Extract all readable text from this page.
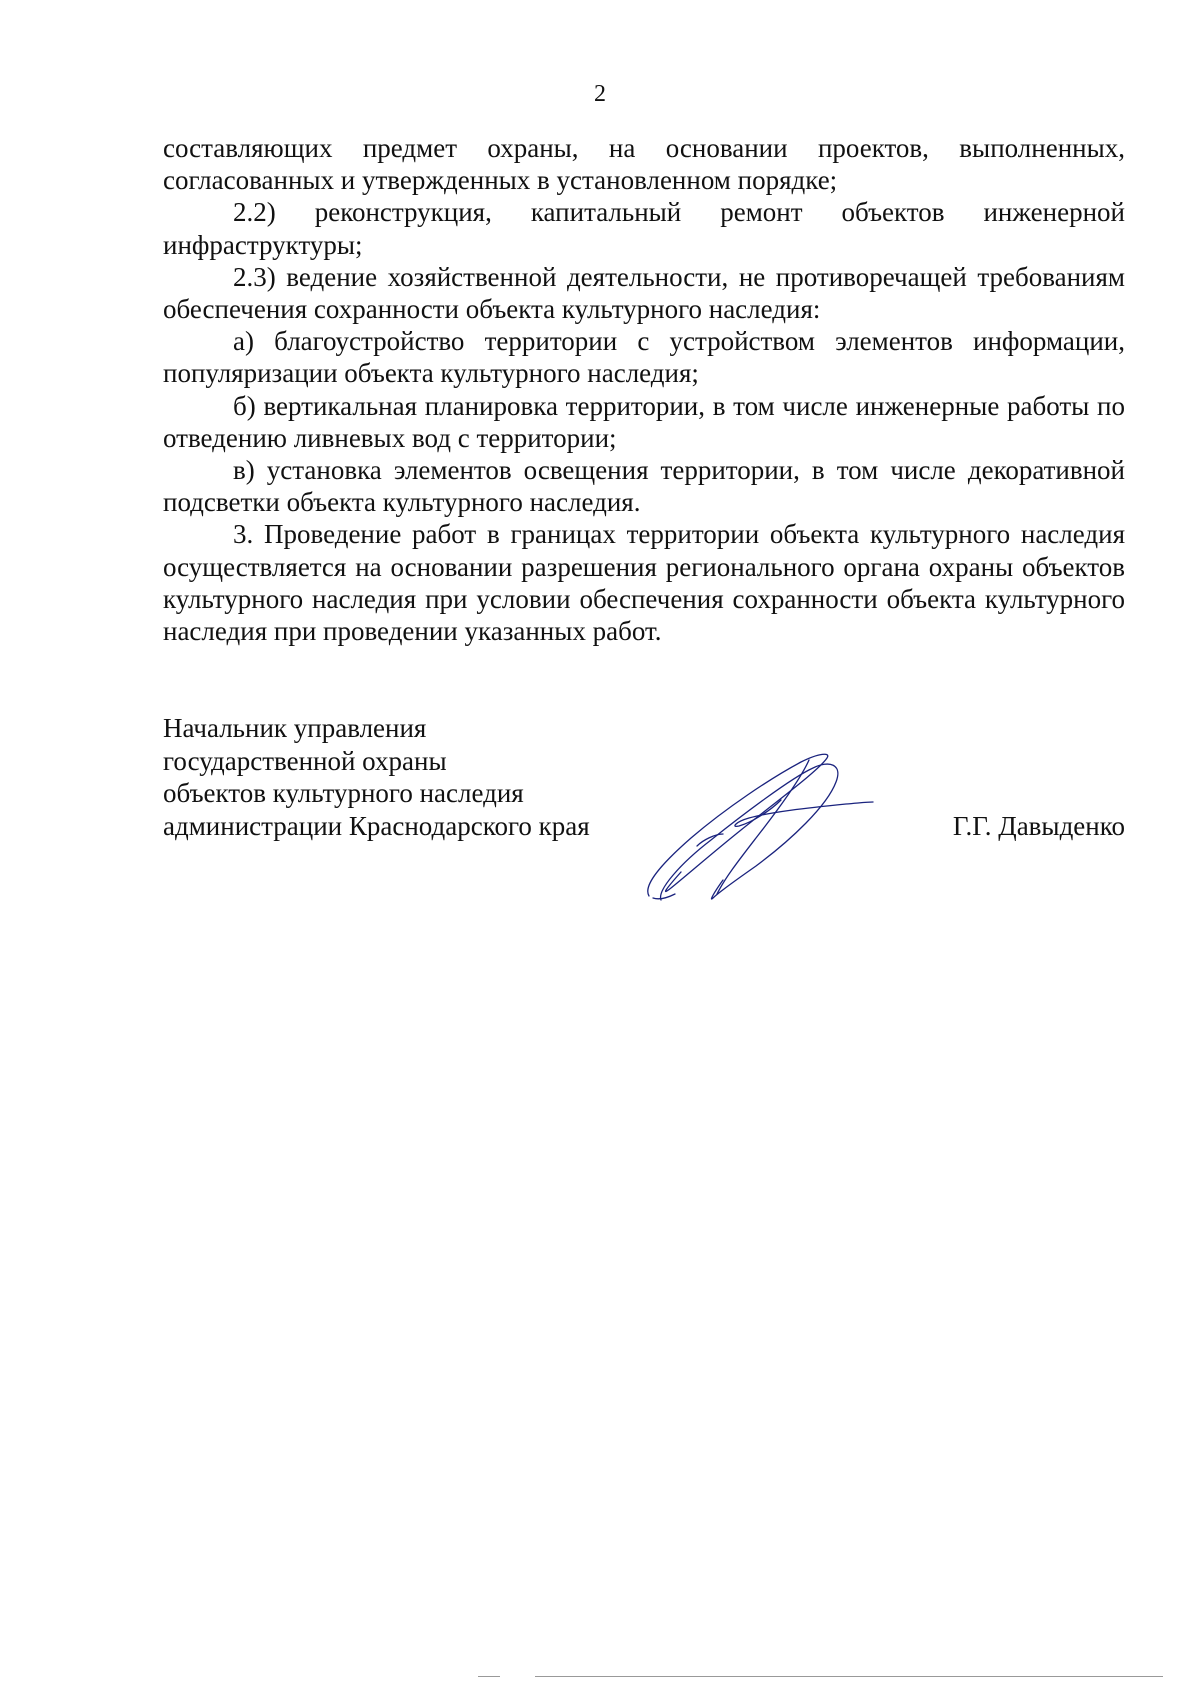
2

составляющих предмет охраны, на основании проектов, выполненных, согласованных и утвержденных в установленном порядке;

2.2) реконструкция, капитальный ремонт объектов инженерной инфраструктуры;

2.3) ведение хозяйственной деятельности, не противоречащей требованиям обеспечения сохранности объекта культурного наследия:

а) благоустройство территории с устройством элементов информации, популяризации объекта культурного наследия;

б) вертикальная планировка территории, в том числе инженерные работы по отведению ливневых вод с территории;

в) установка элементов освещения территории, в том числе декоративной подсветки объекта культурного наследия.

3. Проведение работ в границах территории объекта культурного наследия осуществляется на основании разрешения регионального органа охраны объектов культурного наследия при условии обеспечения сохранности объекта культурного наследия при проведении указанных работ.

Начальник управления
государственной охраны
объектов культурного наследия
администрации Краснодарского края	Г.Г. Давыденко
